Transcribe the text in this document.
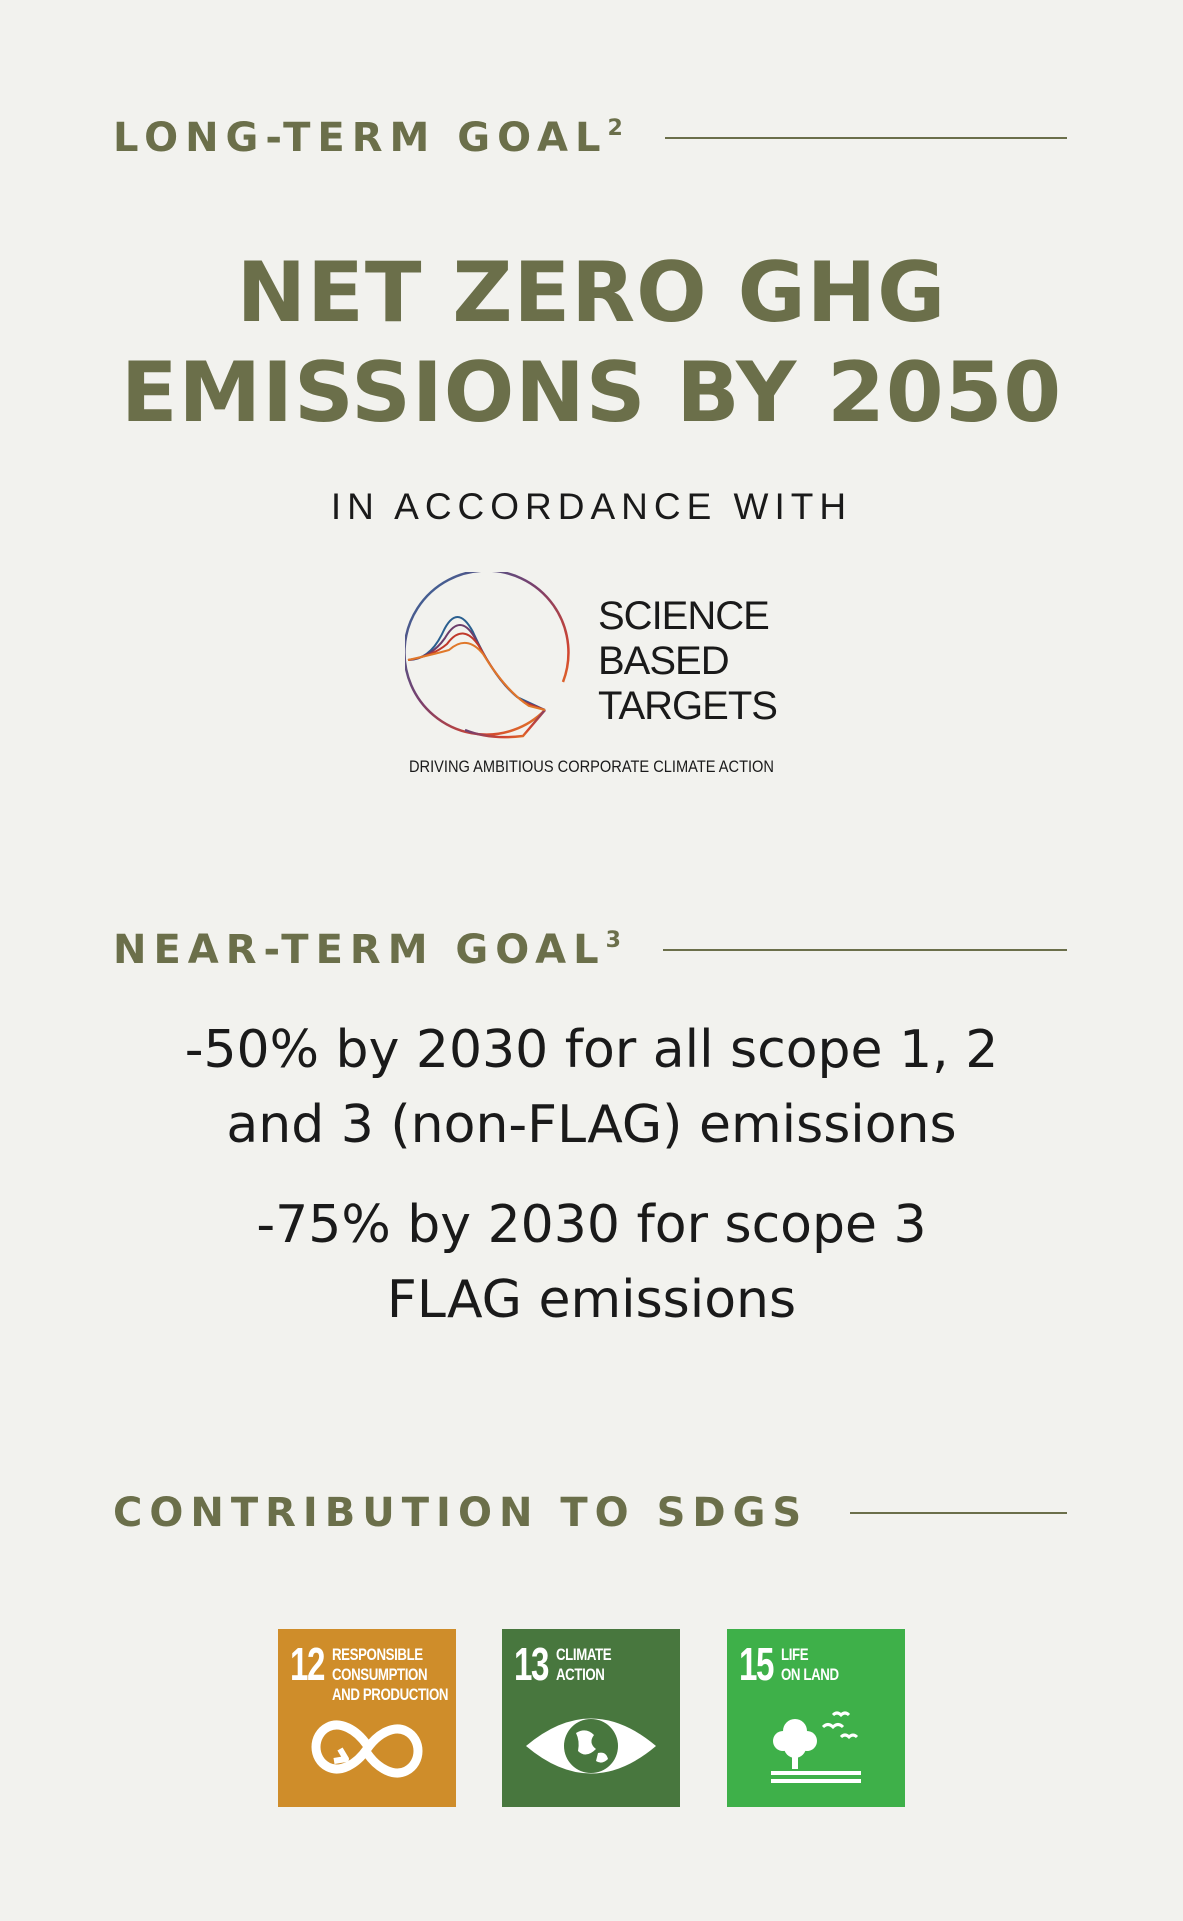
LONG-TERM GOAL$^2$
NET ZERO GHG
EMISSIONS BY 2050
IN ACCORDANCE WITH
SCIENCE
BASED
TARGETS
DRIVING AMBITIOUS CORPORATE CLIMATE ACTION
NEAR-TERM GOAL$^3$
-50% by 2030 for all scope 1, 2
and 3 (non-FLAG) emissions
-75% by 2030 for scope 3
FLAG emissions
CONTRIBUTION TO SDGS
12 RESPONSIBLE
CONSUMPTION
AND PRODUCTION
13 CLIMATE
ACTION	15 LIFE
ON LAND
